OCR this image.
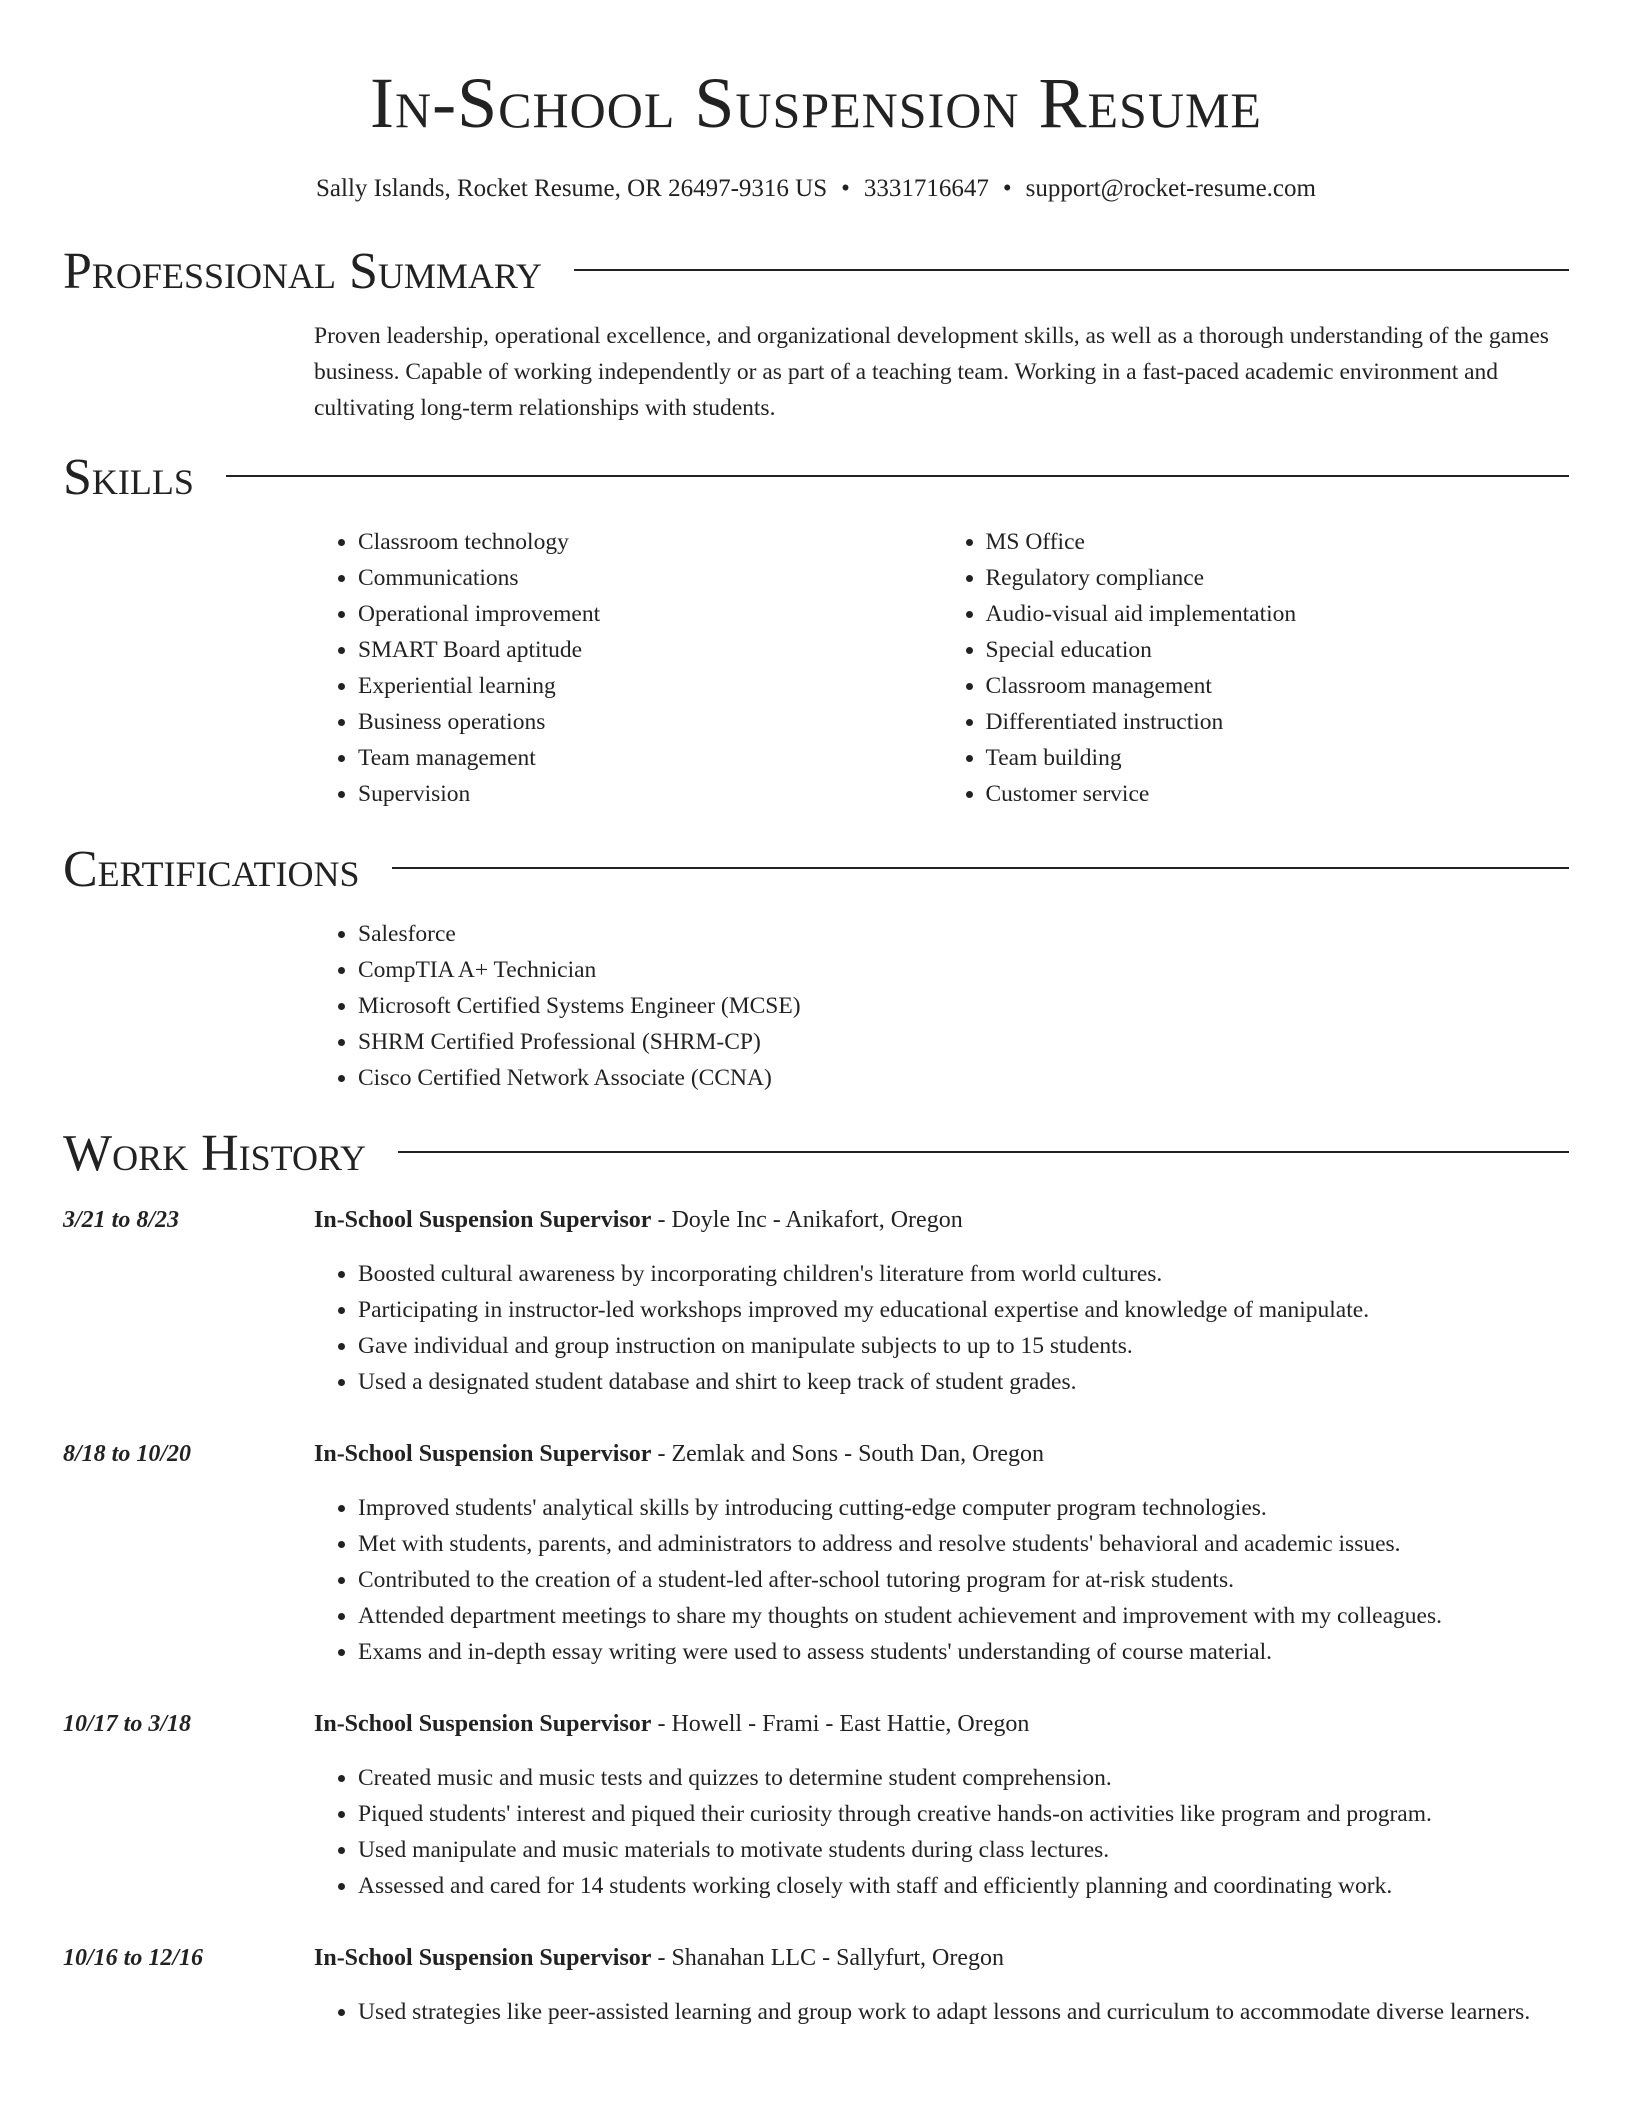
In-School Suspension Resume
Sally Islands, Rocket Resume, OR 26497-9316 US • 3331716647 • support@rocket-resume.com
Professional Summary
Proven leadership, operational excellence, and organizational development skills, as well as a thorough understanding of the games business. Capable of working independently or as part of a teaching team. Working in a fast-paced academic environment and cultivating long-term relationships with students.
Skills
• Classroom technology
• Communications
• Operational improvement
• SMART Board aptitude
• Experiential learning
• Business operations
• Team management
• Supervision
• MS Office
• Regulatory compliance
• Audio-visual aid implementation
• Special education
• Classroom management
• Differentiated instruction
• Team building
• Customer service
Certifications
• Salesforce
• CompTIA A+ Technician
• Microsoft Certified Systems Engineer (MCSE)
• SHRM Certified Professional (SHRM-CP)
• Cisco Certified Network Associate (CCNA)
Work History
3/21 to 8/23	In-School Suspension Supervisor - Doyle Inc - Anikafort, Oregon
• Boosted cultural awareness by incorporating children's literature from world cultures.
• Participating in instructor-led workshops improved my educational expertise and knowledge of manipulate.
• Gave individual and group instruction on manipulate subjects to up to 15 students.
• Used a designated student database and shirt to keep track of student grades.
8/18 to 10/20	In-School Suspension Supervisor - Zemlak and Sons - South Dan, Oregon
• Improved students' analytical skills by introducing cutting-edge computer program technologies.
• Met with students, parents, and administrators to address and resolve students' behavioral and academic issues.
• Contributed to the creation of a student-led after-school tutoring program for at-risk students.
• Attended department meetings to share my thoughts on student achievement and improvement with my colleagues.
• Exams and in-depth essay writing were used to assess students' understanding of course material.
10/17 to 3/18	In-School Suspension Supervisor - Howell - Frami - East Hattie, Oregon
• Created music and music tests and quizzes to determine student comprehension.
• Piqued students' interest and piqued their curiosity through creative hands-on activities like program and program.
• Used manipulate and music materials to motivate students during class lectures.
• Assessed and cared for 14 students working closely with staff and efficiently planning and coordinating work.
10/16 to 12/16	In-School Suspension Supervisor - Shanahan LLC - Sallyfurt, Oregon
• Used strategies like peer-assisted learning and group work to adapt lessons and curriculum to accommodate diverse learners.
